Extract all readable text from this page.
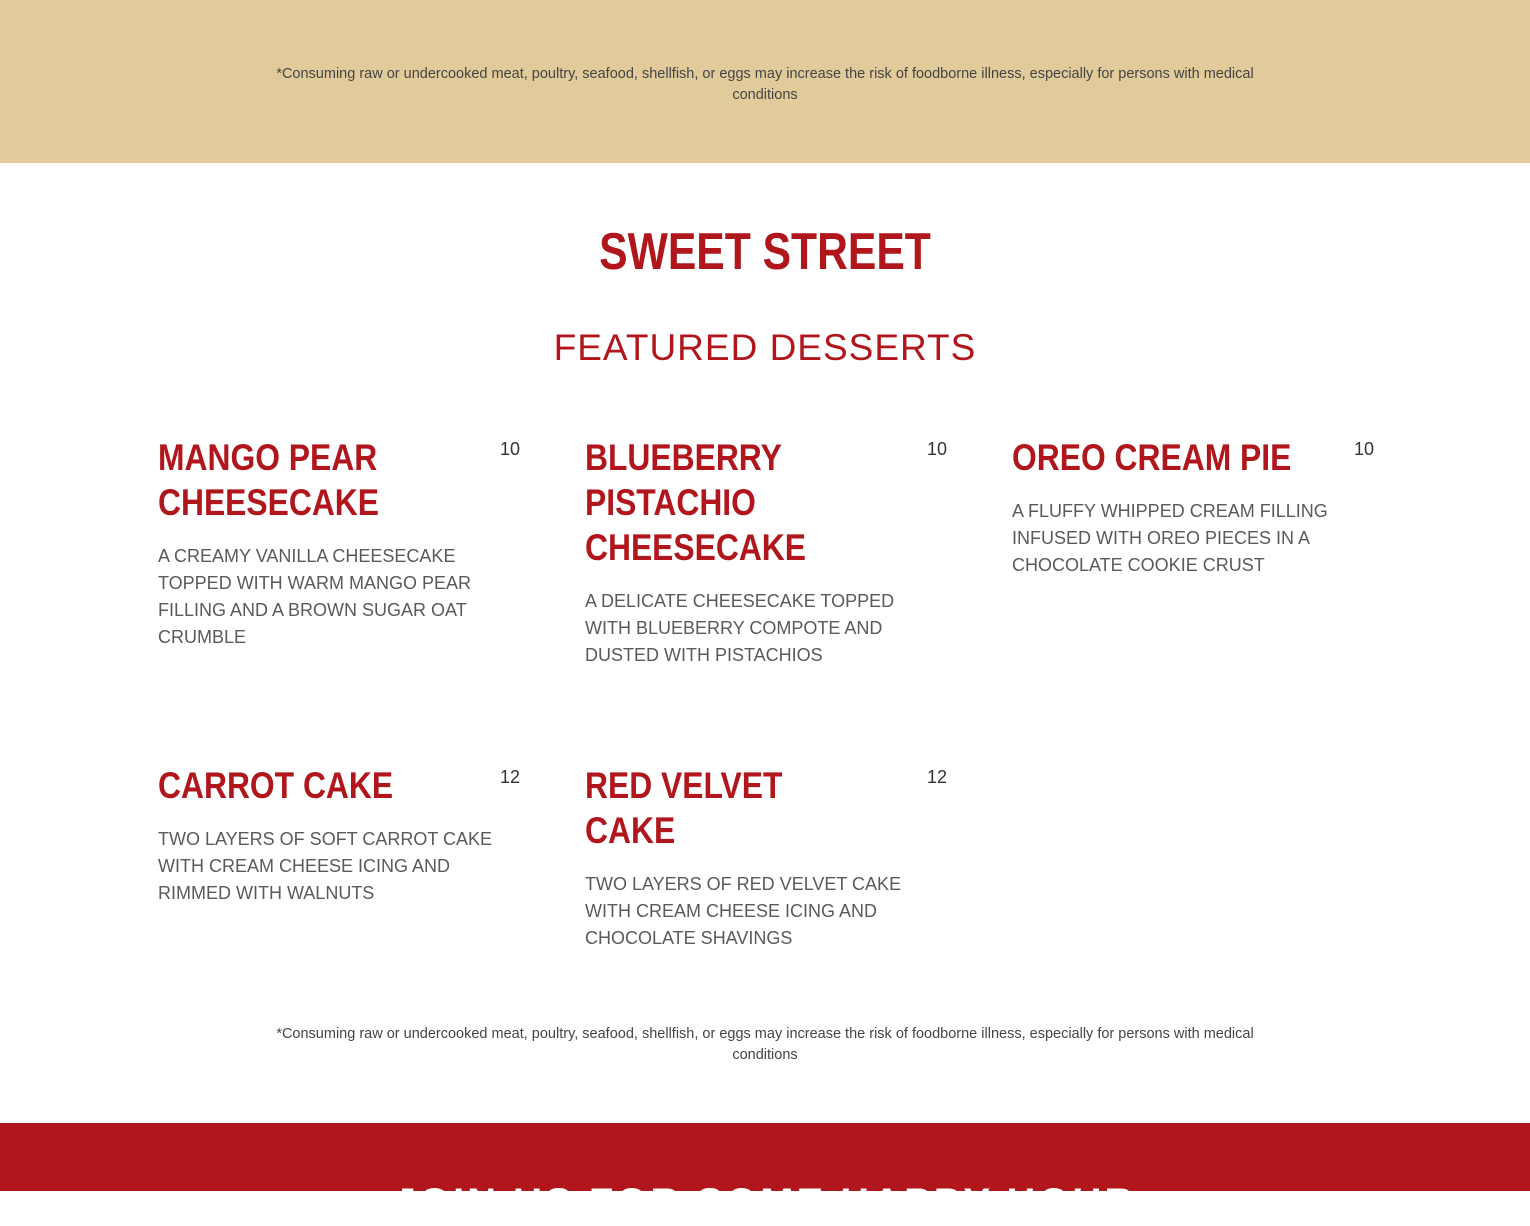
*Consuming raw or undercooked meat, poultry, seafood, shellfish, or eggs may increase the risk of foodborne illness, especially for persons with medical conditions
SWEET STREET
FEATURED DESSERTS
MANGO PEAR CHEESECAKE
10
A CREAMY VANILLA CHEESECAKE TOPPED WITH WARM MANGO PEAR FILLING AND A BROWN SUGAR OAT CRUMBLE
BLUEBERRY PISTACHIO CHEESECAKE
10
A DELICATE CHEESECAKE TOPPED WITH BLUEBERRY COMPOTE AND DUSTED WITH PISTACHIOS
OREO CREAM PIE	10
A FLUFFY WHIPPED CREAM FILLING INFUSED WITH OREO PIECES IN A CHOCOLATE COOKIE CRUST
CARROT CAKE	12
TWO LAYERS OF SOFT CARROT CAKE WITH CREAM CHEESE ICING AND RIMMED WITH WALNUTS
RED VELVET CAKE
12
TWO LAYERS OF RED VELVET CAKE WITH CREAM CHEESE ICING AND CHOCOLATE SHAVINGS
*Consuming raw or undercooked meat, poultry, seafood, shellfish, or eggs may increase the risk of foodborne illness, especially for persons with medical conditions
JOIN US FOR SOME HAPPY HOUR
